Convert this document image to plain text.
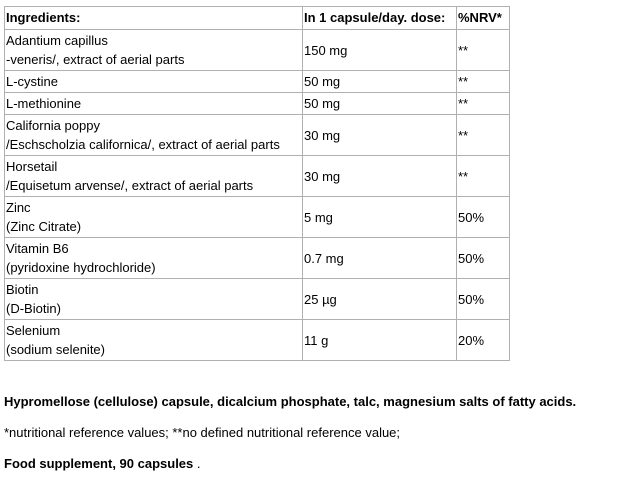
Ingredients:	In 1 capsule/day. dose:	%NRV*

Adantium capillus
-veneris/, extract of aerial parts	150 mg	**

L-cystine	50 mg	**

L-methionine	50 mg	**

California poppy
/Eschscholzia californica/, extract of aerial parts	30 mg	**

Horsetail
/Equisetum arvense/, extract of aerial parts	30 mg	**

Zinc
(Zinc Citrate)	5 mg	50%

Vitamin B6
(pyridoxine hydrochloride)	0.7 mg	50%

Biotin
(D-Biotin)	25 µg	50%

Selenium
(sodium selenite)	11 g	20%

Hypromellose (cellulose) capsule, dicalcium phosphate, talc, magnesium salts of fatty acids.

*nutritional reference values; **no defined nutritional reference value;

Food supplement, 90 capsules .
